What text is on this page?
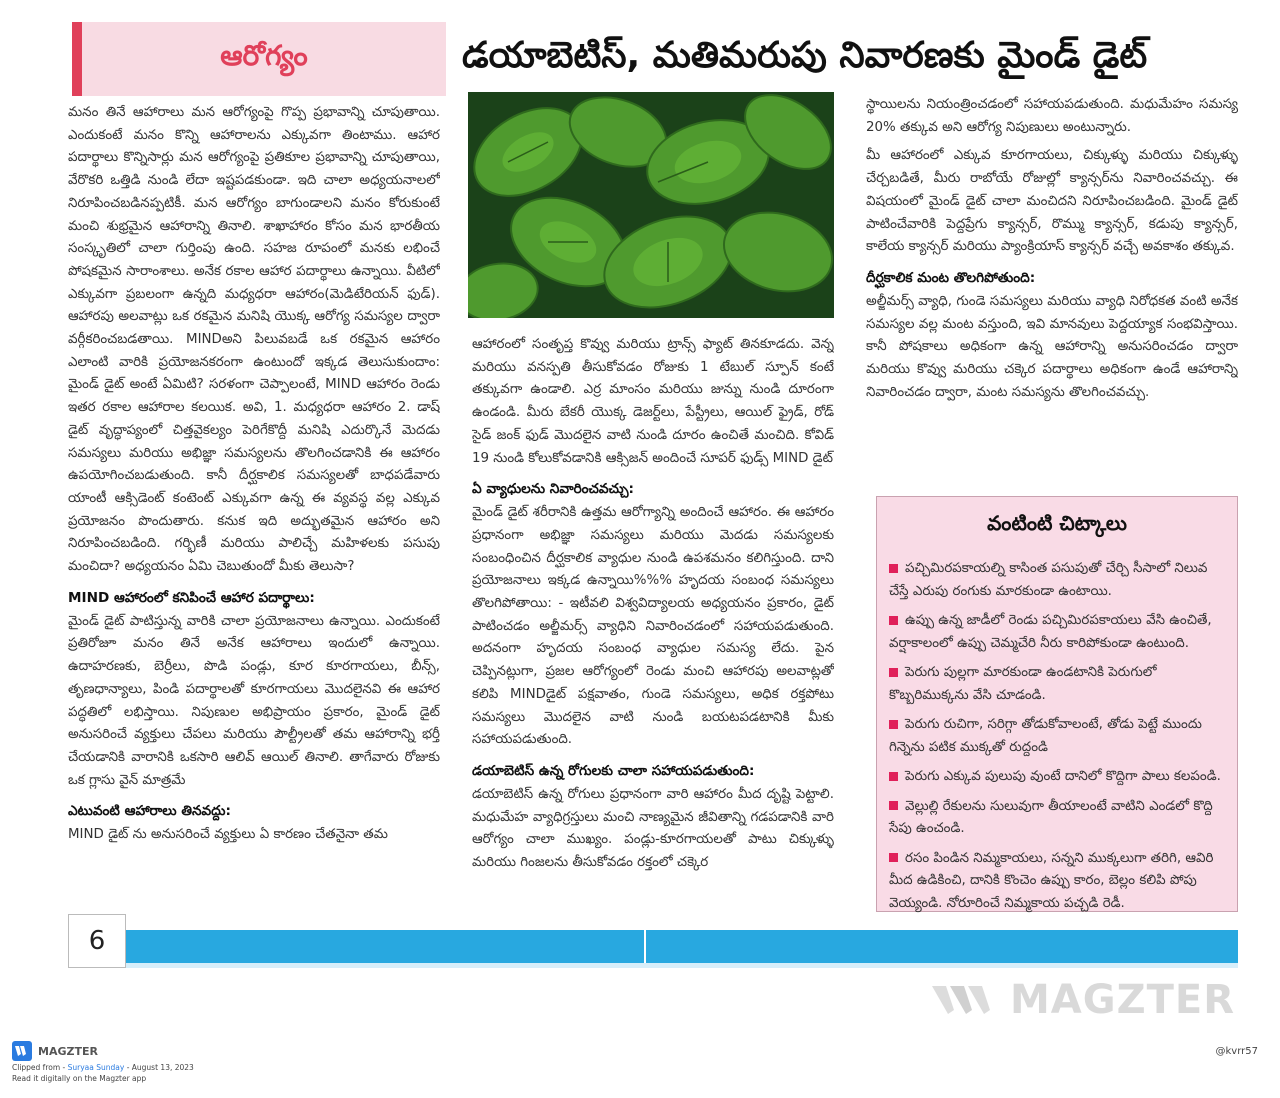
ఆరోగ్యం	డయాబెటిస్, మతిమరుపు నివారణకు మైండ్ డైట్

మనం తినే ఆహారాలు మన ఆరోగ్యంపై గొప్ప ప్రభావాన్ని చూపుతాయి. ఎందుకంటే మనం కొన్ని ఆహారాలను ఎక్కువగా తింటాము. ఆహార పదార్థాలు కొన్నిసార్లు మన ఆరోగ్యంపై ప్రతికూల ప్రభావాన్ని చూపుతాయి, వేరొకరి ఒత్తిడి నుండి లేదా ఇష్టపడకుండా. ఇది చాలా అధ్యయనాలలో నిరూపించబడినప్పటికీ. మన ఆరోగ్యం బాగుండాలని మనం కోరుకుంటే మంచి శుభ్రమైన ఆహారాన్ని తినాలి. శాఖాహారం కోసం మన భారతీయ సంస్కృతిలో చాలా గుర్తింపు ఉంది. సహజ రూపంలో మనకు లభించే పోషకమైన సారాంశాలు. అనేక రకాల ఆహార పదార్థాలు ఉన్నాయి. వీటిలో ఎక్కువగా ప్రబలంగా ఉన్నది మధ్యధరా ఆహారం(మెడిటేరియన్ ఫుడ్). ఆహారపు అలవాట్లు ఒక రకమైన మనిషి యొక్క ఆరోగ్య సమస్యల ద్వారా వర్గీకరించబడతాయి. MINDఅని పిలువబడే ఒక రకమైన ఆహారం ఎలాంటి వారికి ప్రయోజనకరంగా ఉంటుందో ఇక్కడ తెలుసుకుందాం: మైండ్ డైట్ అంటే ఏమిటి? సరళంగా చెప్పాలంటే, MIND ఆహారం రెండు ఇతర రకాల ఆహారాల కలయిక. అవి, 1. మధ్యధరా ఆహారం 2. డాష్ డైట్ వృద్ధాప్యంలో చిత్తవైకల్యం పెరిగేకొద్దీ మనిషి ఎదుర్కొనే మెదడు సమస్యలు మరియు అభిజ్ఞా సమస్యలను తొలగించడానికి ఈ ఆహారం ఉపయోగించబడుతుంది. కానీ దీర్ఘకాలిక సమస్యలతో బాధపడేవారు యాంటీ ఆక్సిడెంట్ కంటెంట్ ఎక్కువగా ఉన్న ఈ వ్యవస్థ వల్ల ఎక్కువ ప్రయోజనం పొందుతారు. కనుక ఇది అద్భుతమైన ఆహారం అని నిరూపించబడింది. గర్భిణీ మరియు పాలిచ్చే మహిళలకు పసుపు మంచిదా? అధ్యయనం ఏమి చెబుతుందో మీకు తెలుసా?

MIND ఆహారంలో కనిపించే ఆహార పదార్థాలు:

మైండ్ డైట్ పాటిస్తున్న వారికి చాలా ప్రయోజనాలు ఉన్నాయి. ఎందుకంటే ప్రతిరోజూ మనం తినే అనేక ఆహారాలు ఇందులో ఉన్నాయి. ఉదాహరణకు, బెర్రీలు, పొడి పండ్లు, కూర కూరగాయలు, బీన్స్, తృణధాన్యాలు, పిండి పదార్థాలతో కూరగాయలు మొదలైనవి ఈ ఆహార పద్ధతిలో లభిస్తాయి. నిపుణుల అభిప్రాయం ప్రకారం, మైండ్ డైట్ అనుసరించే వ్యక్తులు చేపలు మరియు పౌల్ట్రీలతో తమ ఆహారాన్ని భర్తీ చేయడానికి వారానికి ఒకసారి ఆలివ్ ఆయిల్ తినాలి. తాగేవారు రోజుకు ఒక గ్లాసు వైన్ మాత్రమే

ఎటువంటి ఆహారాలు తినవద్దు:

MIND డైట్ ను అనుసరించే వ్యక్తులు ఏ కారణం చేతనైనా తమ

ఆహారంలో సంతృప్త కొవ్వు మరియు ట్రాన్స్ ఫ్యాట్ తినకూడదు. వెన్న మరియు వనస్పతి తీసుకోవడం రోజుకు 1 టేబుల్ స్పూన్ కంటే తక్కువగా ఉండాలి. ఎర్ర మాంసం మరియు జున్ను నుండి దూరంగా ఉండండి. మీరు బేకరీ యొక్క డెజర్ట్‌లు, పేస్ట్రీలు, ఆయిల్ ఫ్రైడ్, రోడ్ సైడ్ జంక్ ఫుడ్ మొదలైన వాటి నుండి దూరం ఉంచితే మంచిది. కోవిడ్ 19 నుండి కోలుకోవడానికి ఆక్సిజన్ అందించే సూపర్ ఫుడ్స్ MIND డైట్

ఏ వ్యాధులను నివారించవచ్చు:

మైండ్ డైట్ శరీరానికి ఉత్తమ ఆరోగ్యాన్ని అందించే ఆహారం. ఈ ఆహారం ప్రధానంగా అభిజ్ఞా సమస్యలు మరియు మెదడు సమస్యలకు సంబంధించిన దీర్ఘకాలిక వ్యాధుల నుండి ఉపశమనం కలిగిస్తుంది. దాని ప్రయోజనాలు ఇక్కడ ఉన్నాయి%%% హృదయ సంబంధ సమస్యలు తొలగిపోతాయి: - ఇటీవలి విశ్వవిద్యాలయ అధ్యయనం ప్రకారం, డైట్ పాటించడం అల్జీమర్స్ వ్యాధిని నివారించడంలో సహాయపడుతుంది. అదనంగా హృదయ సంబంధ వ్యాధుల సమస్య లేదు. పైన చెప్పినట్లుగా, ప్రజల ఆరోగ్యంలో రెండు మంచి ఆహారపు అలవాట్లతో కలిపి MINDడైట్ పక్షవాతం, గుండె సమస్యలు, అధిక రక్తపోటు సమస్యలు మొదలైన వాటి నుండి బయటపడటానికి మీకు సహాయపడుతుంది.

డయాబెటిస్ ఉన్న రోగులకు చాలా సహాయపడుతుంది:

డయాబెటిస్ ఉన్న రోగులు ప్రధానంగా వారి ఆహారం మీద దృష్టి పెట్టాలి. మధుమేహ వ్యాధిగ్రస్తులు మంచి నాణ్యమైన జీవితాన్ని గడపడానికి వారి ఆరోగ్యం చాలా ముఖ్యం. పండ్లు-కూరగాయలతో పాటు చిక్కుళ్ళు మరియు గింజలను తీసుకోవడం రక్తంలో చక్కెర

స్థాయిలను నియంత్రించడంలో సహాయపడుతుంది. మధుమేహం సమస్య 20% తక్కువ అని ఆరోగ్య నిపుణులు అంటున్నారు.

మీ ఆహారంలో ఎక్కువ కూరగాయలు, చిక్కుళ్ళు మరియు చిక్కుళ్ళు చేర్చబడితే, మీరు రాబోయే రోజుల్లో క్యాన్సర్‌ను నివారించవచ్చు. ఈ విషయంలో మైండ్ డైట్ చాలా మంచిదని నిరూపించబడింది. మైండ్ డైట్ పాటించేవారికి పెద్దప్రేగు క్యాన్సర్, రొమ్ము క్యాన్సర్, కడుపు క్యాన్సర్, కాలేయ క్యాన్సర్ మరియు ప్యాంక్రియాస్ క్యాన్సర్ వచ్చే అవకాశం తక్కువ.

దీర్ఘకాలిక మంట తొలగిపోతుంది:

అల్జీమర్స్ వ్యాధి, గుండె సమస్యలు మరియు వ్యాధి నిరోధకత వంటి అనేక సమస్యల వల్ల మంట వస్తుంది, ఇవి మానవులు పెద్దయ్యాక సంభవిస్తాయి. కానీ పోషకాలు అధికంగా ఉన్న ఆహారాన్ని అనుసరించడం ద్వారా మరియు కొవ్వు మరియు చక్కెర పదార్థాలు అధికంగా ఉండే ఆహారాన్ని నివారించడం ద్వారా, మంట సమస్యను తొలగించవచ్చు.

వంటింటి చిట్కాలు
పచ్చిమిరపకాయల్ని కాసింత పసుపుతో చేర్చి సీసాలో నిలువ చేస్తే ఎరుపు రంగుకు మారకుండా ఉంటాయి.
ఉప్పు ఉన్న జాడీలో రెండు పచ్చిమిరపకాయలు వేసి ఉంచితే, వర్షాకాలంలో ఉప్పు చెమ్మచేరి నీరు కారిపోకుండా ఉంటుంది.
పెరుగు పుల్లగా మారకుండా ఉండటానికి పెరుగులో కొబ్బరిముక్కను వేసి చూడండి.
పెరుగు రుచిగా, సరిగ్గా తోడుకోవాలంటే, తోడు పెట్టే ముందు గిన్నెను పటిక ముక్కతో రుద్దండి
పెరుగు ఎక్కువ పులుపు వుంటే దానిలో కొద్దిగా పాలు కలపండి.
వెల్లుల్లి రేకులను సులువుగా తీయాలంటే వాటిని ఎండలో కొద్ది సేపు ఉంచండి.
రసం పిండిన నిమ్మకాయలు, సన్నని ముక్కలుగా తరిగి, ఆవిరి మీద ఉడికించి, దానికి కొంచెం ఉప్పు కారం, బెల్లం కలిపి పోపు వెయ్యండి. నోరూరించే నిమ్మకాయ పచ్చడి రెడీ.
6
MAGZTER
MAGZTER
Clipped from - Suryaa Sunday - August 13, 2023
Read it digitally on the Magzter app
@kvrr57
